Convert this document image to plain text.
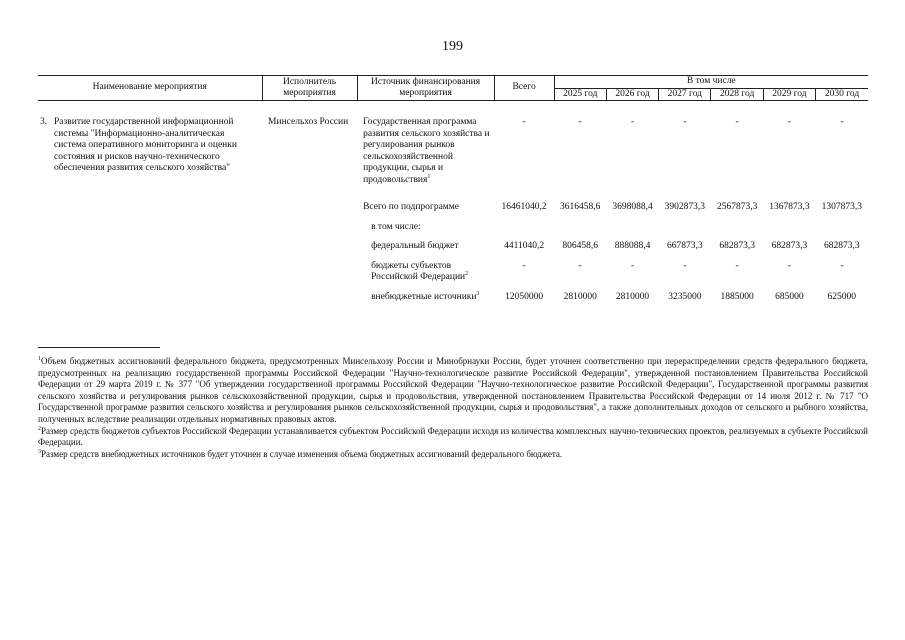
199
Наименование мероприятия	Исполнитель мероприятия	Источник финансирования мероприятия	Всего	В том числе					
				2025 год	2026 год	2027 год	2028 год	2029 год	2030 год

3. Развитие государственной информационной системы "Информационно-аналитическая система оперативного мониторинга и оценки состояния и рисков научно-технического обеспечения развития сельского хозяйства"	Минсельхоз России	Государственная программа развития сельского хозяйства и регулирования рынков сельскохозяйственной продукции, сырья и продовольствия$^1$	-	-	-	-	-	-	-
		Всего по подпрограмме	16461040,2	3616458,6	3698088,4	3902873,3	2567873,3	1367873,3	1307873,3
		в том числе:							
		федеральный бюджет	4411040,2	806458,6	888088,4	667873,3	682873,3	682873,3	682873,3
		бюджеты субъектов Российской Федерации$^2$	-	-	-	-	-	-	-
		внебюджетные источники$^3$	12050000	2810000	2810000	3235000	1885000	685000	625000

$^1$Объем бюджетных ассигнований федерального бюджета, предусмотренных Минсельхозу России и Минобрнауки России, будет уточнен соответственно при перераспределении средств федерального бюджета, предусмотренных на реализацию государственной программы Российской Федерации "Научно-технологическое развитие Российской Федерации", утвержденной постановлением Правительства Российской Федерации от 29 марта 2019 г. № 377 "Об утверждении государственной программы Российской Федерации "Научно-технологическое развитие Российской Федерации", Государственной программы развития сельского хозяйства и регулирования рынков сельскохозяйственной продукции, сырья и продовольствия, утвержденной постановлением Правительства Российской Федерации от 14 июля 2012 г. № 717 "О Государственной программе развития сельского хозяйства и регулирования рынков сельскохозяйственной продукции, сырья и продовольствия", а также дополнительных доходов от сельского и рыбного хозяйства, полученных вследствие реализации отдельных нормативных правовых актов.

$^2$Размер средств бюджетов субъектов Российской Федерации устанавливается субъектом Российской Федерации исходя из количества комплексных научно-технических проектов, реализуемых в субъекте Российской Федерации.

$^3$Размер средств внебюджетных источников будет уточнен в случае изменения объема бюджетных ассигнований федерального бюджета.
